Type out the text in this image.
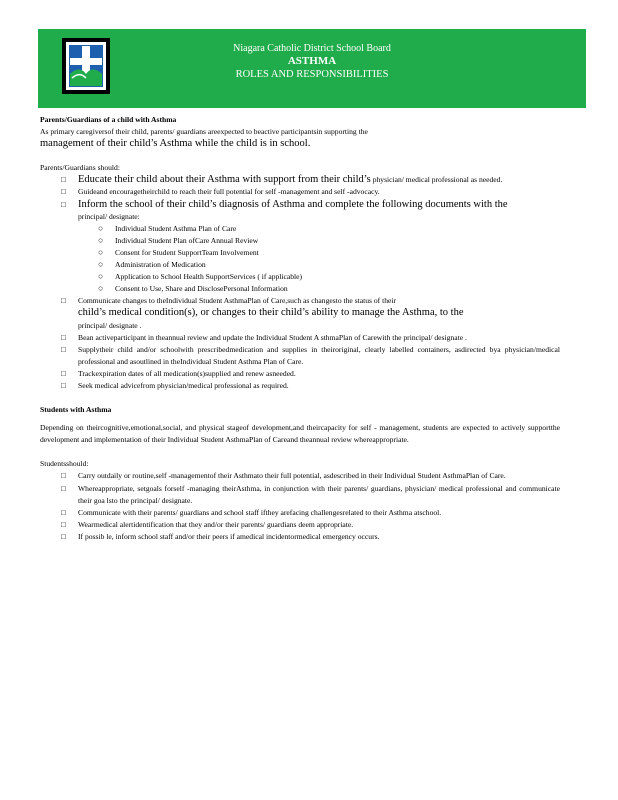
Niagara Catholic District School Board
ASTHMA
ROLES AND RESPONSIBILITIES

Parents/Guardians of a child with Asthma

As primary caregiversof their child, parents/ guardians areexpected to beactive participantsin supporting the

management of their child’s Asthma while the child is in school.

Parents/Guardians should:

□ Educate their child about their Asthma with support from their child’s physician/ medical professional as needed.
□ Guideand encouragetheirchild to reach their full potential for self -management and self -advocacy.
□ Inform the school of their child’s diagnosis of Asthma and complete the following documents with the
principal/ designate:
○ Individual Student Asthma Plan of Care
○ Individual Student Plan ofCare Annual Review
○ Consent for Student SupportTeam Involvement
○ Administration of Medication
○ Application to School Health SupportServices ( if applicable)
○ Consent to Use, Share and DisclosePersonal Information
□ Communicate changes to theIndividual Student AsthmaPlan of Care,such as changesto the status of their
child’s medical condition(s), or changes to their child’s ability to manage the Asthma, to the
principal/ designate .
□ Bean activeparticipant in theannual review and update the Individual Student A sthmaPlan of Carewith the principal/ designate .
□ Supplytheir child and/or schoolwith prescribedmedication and supplies in theiroriginal, clearly labelled containers, asdirected bya physician/medical professional and asoutlined in theIndividual Student Asthma Plan of Care.
□ Trackexpiration dates of all medication(s)supplied and renew asneeded.
□ Seek medical advicefrom physician/medical professional as required.

Students with Asthma

Depending on theircognitive,emotional,social, and physical stageof development,and theircapacity for self - management, students are expected to actively supportthe development and implementation of their Individual Student AsthmaPlan of Careand theannual review whereappropriate.

Studentsshould:

□ Carry outdaily or routine,self -managementof their Asthmato their full potential, asdescribed in their Individual Student AsthmaPlan of Care.
□ Whereappropriate, setgoals forself -managing theirAsthma, in conjunction with their parents/ guardians, physician/ medical professional and communicate their goa lsto the principal/ designate.
□ Communicate with their parents/ guardians and school staff ifthey arefacing challengesrelated to their Asthma atschool.
□ Wearmedical alertidentification that they and/or their parents/ guardians deem appropriate.
□ If possib le, inform school staff and/or their peers if amedical incidentormedical emergency occurs.
